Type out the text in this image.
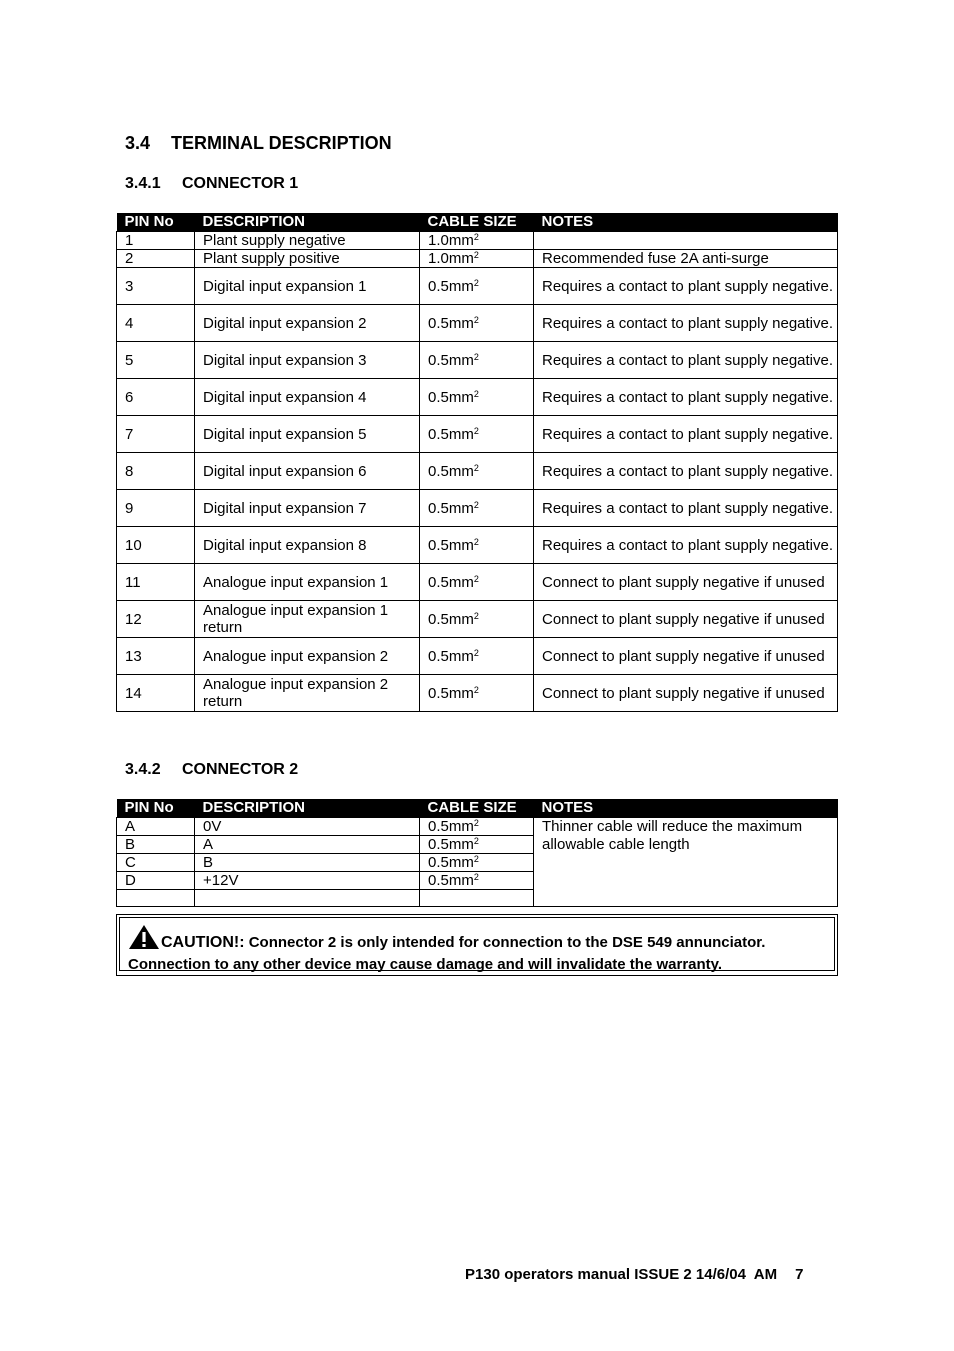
3.4 TERMINAL DESCRIPTION
3.4.1 CONNECTOR 1
PIN No	DESCRIPTION	CABLE SIZE	NOTES
1	Plant supply negative	$1.0mm^2$	
2	Plant supply positive	$1.0mm^2$	Recommended fuse 2A anti-surge
3	Digital input expansion 1	$0.5mm^2$	Requires a contact to plant supply negative.
4	Digital input expansion 2	$0.5mm^2$	Requires a contact to plant supply negative.
5	Digital input expansion 3	$0.5mm^2$	Requires a contact to plant supply negative.
6	Digital input expansion 4	$0.5mm^2$	Requires a contact to plant supply negative.
7	Digital input expansion 5	$0.5mm^2$	Requires a contact to plant supply negative.
8	Digital input expansion 6	$0.5mm^2$	Requires a contact to plant supply negative.
9	Digital input expansion 7	$0.5mm^2$	Requires a contact to plant supply negative.
10	Digital input expansion 8	$0.5mm^2$	Requires a contact to plant supply negative.
11	Analogue input expansion 1	$0.5mm^2$	Connect to plant supply negative if unused
12	Analogue input expansion 1 return	$0.5mm^2$	Connect to plant supply negative if unused
13	Analogue input expansion 2	$0.5mm^2$	Connect to plant supply negative if unused
14	Analogue input expansion 2 return	$0.5mm^2$	Connect to plant supply negative if unused
3.4.2 CONNECTOR 2
PIN No	DESCRIPTION	CABLE SIZE	NOTES
A	0V	$0.5mm^2$	Thinner cable will reduce the maximum allowable cable length
B	A	$0.5mm^2$
C	B	$0.5mm^2$
D	+12V	$0.5mm^2$

CAUTION!: Connector 2 is only intended for connection to the DSE 549 annunciator.
Connection to any other device may cause damage and will invalidate the warranty.
P130 operators manual ISSUE 2 14/6/04  AM 7
